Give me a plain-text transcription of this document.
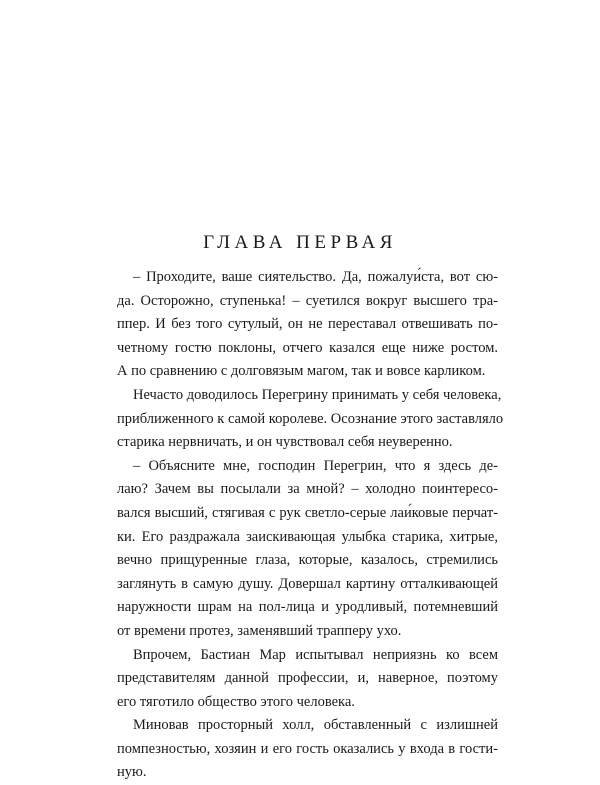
ГЛАВА ПЕРВАЯ
– Проходите, ваше сиятельство. Да, пожалуи́ста, вот сю-
да. Осторожно, ступенька! – суетился вокруг высшего тра-
ппер. И без того сутулый, он не переставал отвешивать по-
четному гостю поклоны, отчего казался еще ниже ростом.
А по сравнению с долговязым магом, так и вовсе карликом.
Нечасто доводилось Перегрину принимать у себя человека,
приближенного к самой королеве. Осознание этого заставляло
старика нервничать, и он чувствовал себя неуверенно.
– Объясните мне, господин Перегрин, что я здесь де-
лаю? Зачем вы посылали за мной? – холодно поинтересо-
вался высший, стягивая с рук светло-серые лаи́ковые перчат-
ки. Его раздражала заискивающая улыбка старика, хитрые,
вечно прищуренные глаза, которые, казалось, стремились
заглянуть в самую душу. Довершал картину отталкивающей
наружности шрам на пол-лица и уродливый, потемневший
от времени протез, заменявший трапперу ухо.
Впрочем, Бастиан Мар испытывал неприязнь ко всем
представителям данной профессии, и, наверное, поэтому
его тяготило общество этого человека.
Миновав просторный холл, обставленный с излишней
помпезностью, хозяин и его гость оказались у входа в гости-
ную.
